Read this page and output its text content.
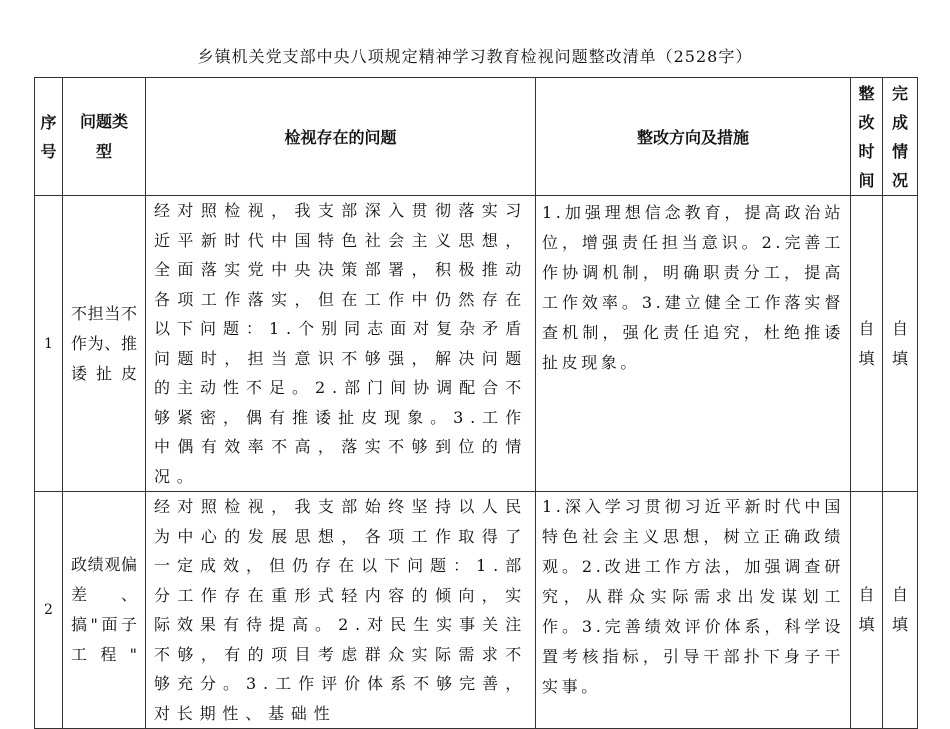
乡镇机关党支部中央八项规定精神学习教育检视问题整改清单（2528字）
序号	问题类型	检视存在的问题	整改方向及措施	整改时间	完成情况

1	不担当不作为、推诿扯皮	经对照检视，我支部深入贯彻落实习近平新时代中国特色社会主义思想，全面落实党中央决策部署，积极推动各项工作落实，但在工作中仍然存在以下问题：1.个别同志面对复杂矛盾问题时，担当意识不够强，解决问题的主动性不足。2.部门间协调配合不够紧密，偶有推诿扯皮现象。3.工作中偶有效率不高，落实不够到位的情况。	1.加强理想信念教育，提高政治站位，增强责任担当意识。2.完善工作协调机制，明确职责分工，提高工作效率。3.建立健全工作落实督查机制，强化责任追究，杜绝推诿扯皮现象。	自填	自填

2	政绩观偏差、搞"面子工程"	经对照检视，我支部始终坚持以人民为中心的发展思想，各项工作取得了一定成效，但仍存在以下问题：1.部分工作存在重形式轻内容的倾向，实际效果有待提高。2.对民生实事关注不够，有的项目考虑群众实际需求不够充分。3.工作评价体系不够完善，对长期性、基础性	1.深入学习贯彻习近平新时代中国特色社会主义思想，树立正确政绩观。2.改进工作方法，加强调查研究，从群众实际需求出发谋划工作。3.完善绩效评价体系，科学设置考核指标，引导干部扑下身子干实事。	自填	自填
